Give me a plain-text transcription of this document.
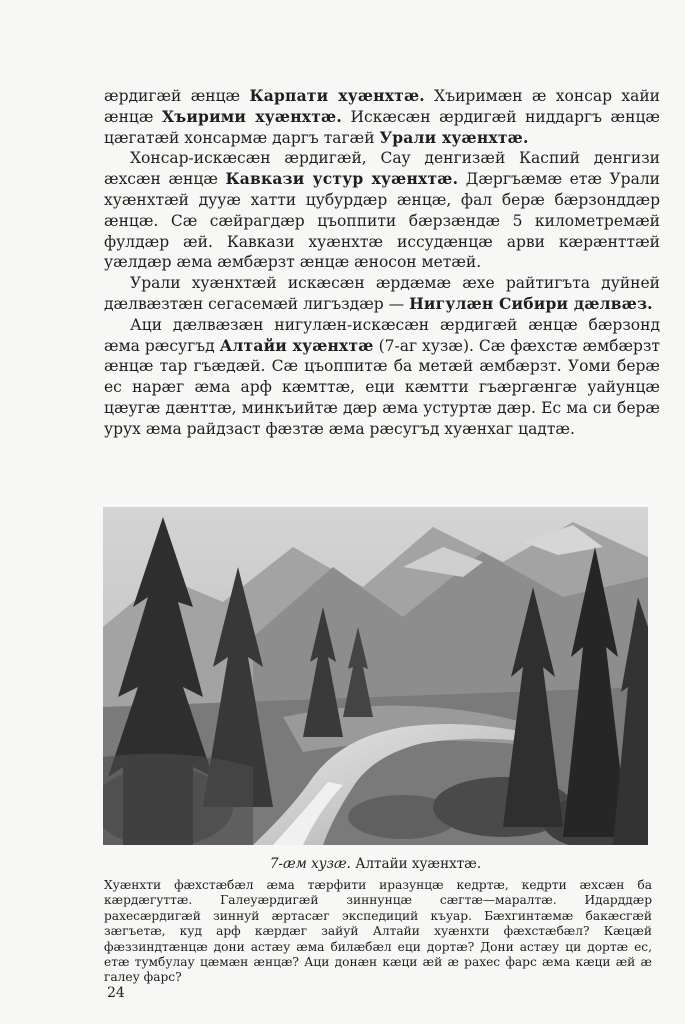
ӕрдигӕй ӕнцӕ Карпати хуӕнхтӕ. Хъиримӕн ӕ хонсар хайи ӕнцӕ Хъирими хуӕнхтӕ. Искӕсӕн ӕрдигӕй ниддаргъ ӕнцӕ цӕгатӕй хонсармӕ даргъ тагӕй Урали хуӕнхтӕ.

Хонсар-искӕсӕн ӕрдигӕй, Сау денгизӕй Каспий денгизи ӕхсӕн ӕнцӕ Кавкази устур хуӕнхтӕ. Дӕргъӕмӕ етӕ Урали хуӕнхтӕй дууӕ хатти цубурдӕр ӕнцӕ, фал берӕ бӕрзонддӕр ӕнцӕ. Сӕ сӕйрагдӕр цъоппити бӕрзӕндӕ 5 километремӕй фулдӕр ӕй. Кавкази хуӕнхтӕ иссудӕнцӕ арви кӕрӕнттӕй уӕлдӕр ӕма ӕмбӕрзт ӕнцӕ ӕносон метӕй.

Урали хуӕнхтӕй искӕсӕн ӕрдӕмӕ ӕхе райтигъта дуйней дӕлвӕзтӕн сегасемӕй лигъздӕр — Нигулӕн Сибири дӕлвӕз.

Аци дӕлвӕзӕн нигулӕн-искӕсӕн ӕрдигӕй ӕнцӕ бӕрзонд ӕма рӕсугъд Алтайи хуӕнхтӕ (7-аг хузӕ). Сӕ фӕхстӕ ӕмбӕрзт ӕнцӕ тар гъӕдӕй. Сӕ цъоппитӕ ба метӕй ӕмбӕрзт. Уоми берӕ ес нарӕг ӕма арф кӕмттӕ, еци кӕмтти гъӕргӕнгӕ уайунцӕ цӕугӕ дӕнттӕ, минкъийтӕ дӕр ӕма устуртӕ дӕр. Ес ма си берӕ урух ӕма райдзаст фӕзтӕ ӕма рӕсугъд хуӕнхаг цадтӕ.

7-ӕм хузӕ. Алтайи хуӕнхтӕ.
Хуӕнхти фӕхстӕбӕл ӕма тӕрфити иразунцӕ кедртӕ, кедрти ӕхсӕн ба кӕрдӕгуттӕ. Галеуӕрдигӕй зиннунцӕ сӕгтӕ—маралтӕ. Идарддӕр рахесӕрдигӕй зиннуй ӕртасӕг экспедиций къуар. Бӕхгинтӕмӕ бакӕсгӕй зӕгъетӕ, куд арф кӕрдӕг зайуй Алтайи хуӕнхти фӕхстӕбӕл? Кӕцӕй фӕззиндтӕнцӕ дони астӕу ӕма билӕбӕл еци дортӕ? Дони астӕу ци дортӕ ес, етӕ тумбулау цӕмӕн ӕнцӕ? Аци донӕн кӕци ӕй ӕ рахес фарс ӕма кӕци ӕй ӕ галеу фарс?
24
